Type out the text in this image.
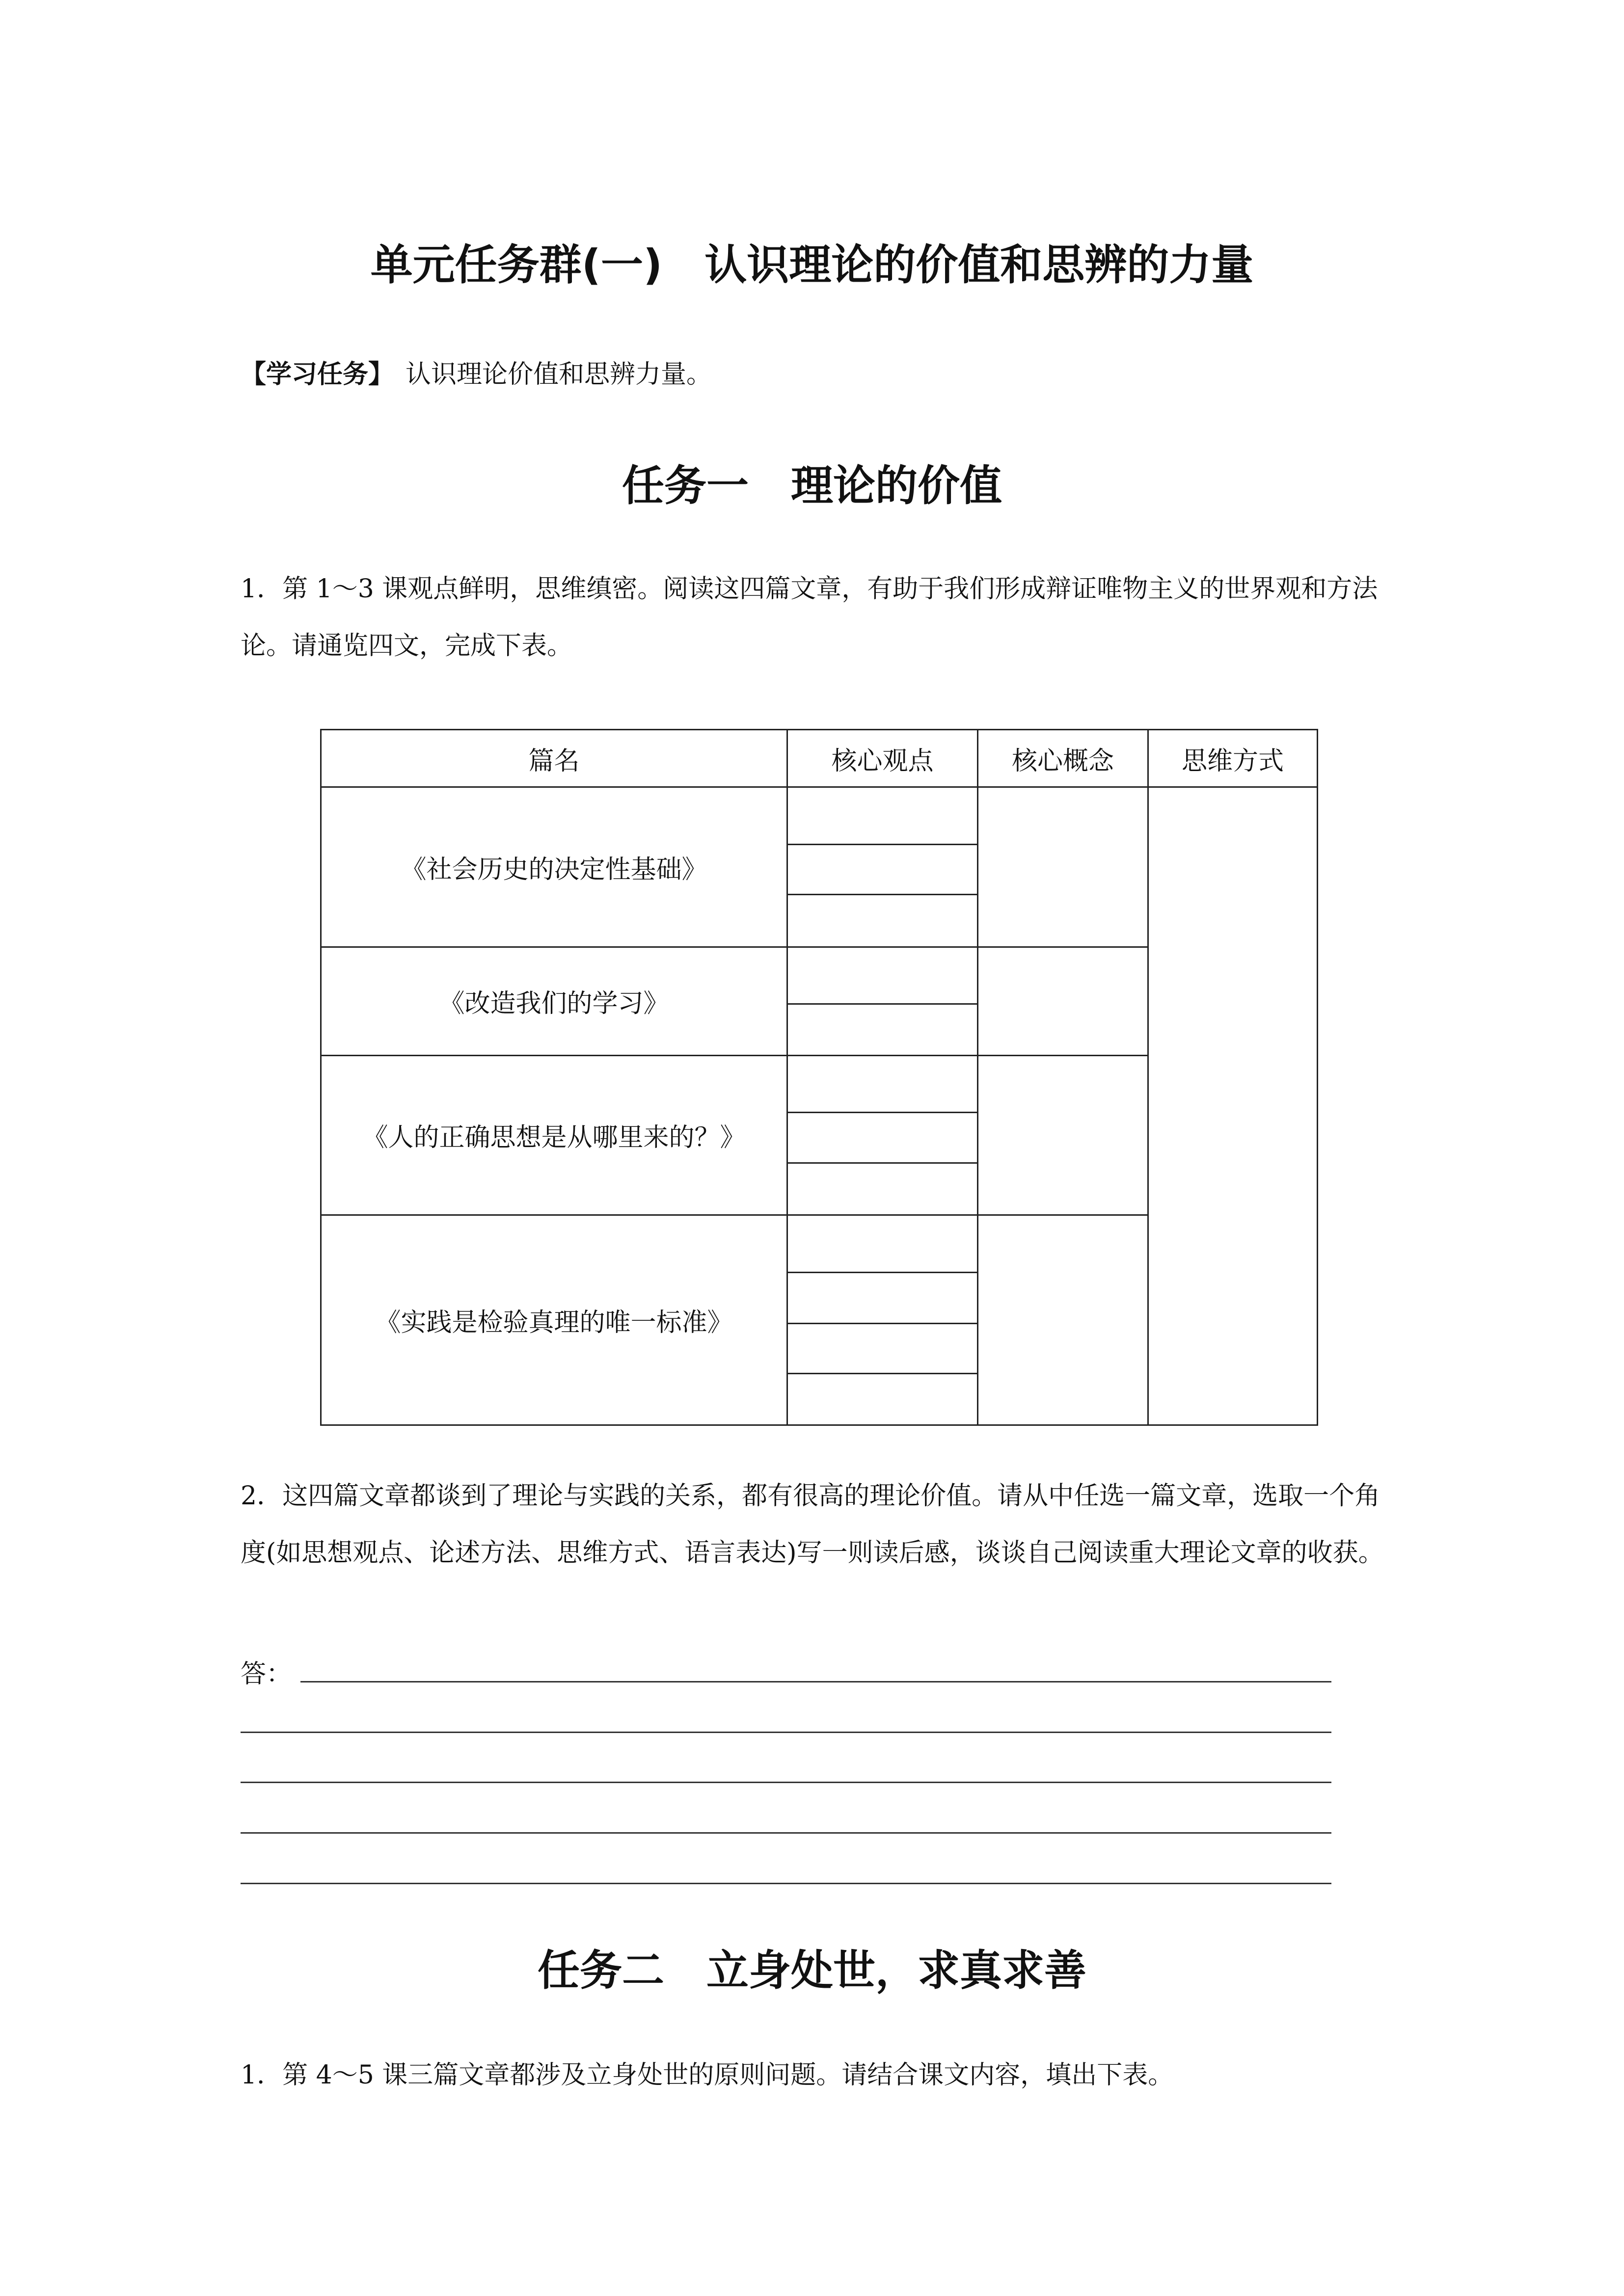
单元任务群(一)　认识理论的价值和思辨的力量

【学习任务】 认识理论价值和思辨力量。

任务一　理论的价值

1．第 1～3 课观点鲜明，思维缜密。阅读这四篇文章，有助于我们形成辩证唯物主义的世界观和方法论。请通览四文，完成下表。

篇名	核心观点	核心概念	思维方式
《社会历史的决定性基础》			

《改造我们的学习》			

《人的正确思想是从哪里来的？》			

《实践是检验真理的唯一标准》			

2．这四篇文章都谈到了理论与实践的关系，都有很高的理论价值。请从中任选一篇文章，选取一个角度(如思想观点、论述方法、思维方式、语言表达)写一则读后感，谈谈自己阅读重大理论文章的收获。

答：
任务二　立身处世，求真求善

1．第 4～5 课三篇文章都涉及立身处世的原则问题。请结合课文内容，填出下表。
